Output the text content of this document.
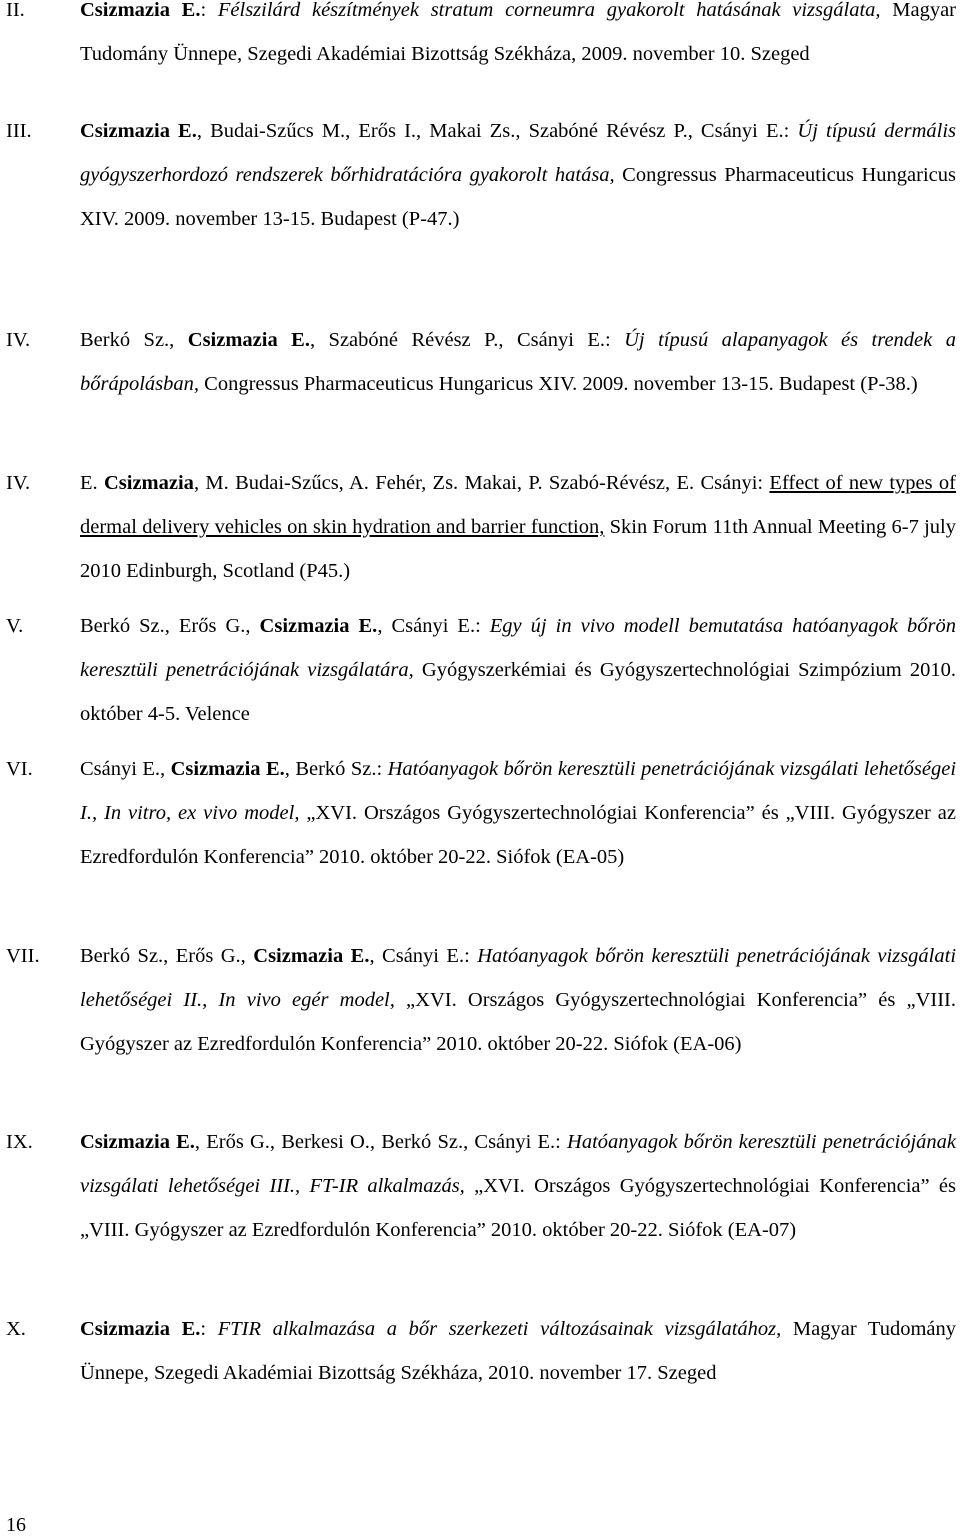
II.	Csizmazia E.: Félszilárd készítmények stratum corneumra gyakorolt hatásának vizsgálata, Magyar Tudomány Ünnepe, Szegedi Akadémiai Bizottság Székháza, 2009. november 10. Szeged
III. Csizmazia E., Budai-Szűcs M., Erős I., Makai Zs., Szabóné Révész P., Csányi E.: Új típusú dermális gyógyszerhordozó rendszerek bőrhidratációra gyakorolt hatása, Congressus Pharmaceuticus Hungaricus XIV. 2009. november 13-15. Budapest (P-47.)
IV. Berkó Sz., Csizmazia E., Szabóné Révész P., Csányi E.: Új típusú alapanyagok és trendek a bőrápolásban, Congressus Pharmaceuticus Hungaricus XIV. 2009. november 13-15. Budapest (P-38.)
IV. E. Csizmazia, M. Budai-Szűcs, A. Fehér, Zs. Makai, P. Szabó-Révész, E. Csányi: Effect of new types of dermal delivery vehicles on skin hydration and barrier function, Skin Forum 11th Annual Meeting 6-7 july 2010 Edinburgh, Scotland (P45.)
V.	Berkó Sz., Erős G., Csizmazia E., Csányi E.: Egy új in vivo modell bemutatása hatóanyagok bőrön keresztüli penetrációjának vizsgálatára, Gyógyszerkémiai és Gyógyszertechnológiai Szimpózium 2010. október 4-5. Velence
VI. Csányi E., Csizmazia E., Berkó Sz.: Hatóanyagok bőrön keresztüli penetrációjának vizsgálati lehetőségei I., In vitro, ex vivo model, „XVI. Országos Gyógyszertechnológiai Konferencia” és „VIII. Gyógyszer az Ezredfordulón Konferencia” 2010. október 20-22. Siófok (EA-05)
VII. Berkó Sz., Erős G., Csizmazia E., Csányi E.: Hatóanyagok bőrön keresztüli penetrációjának vizsgálati lehetőségei II., In vivo egér model, „XVI. Országos Gyógyszertechnológiai Konferencia” és „VIII. Gyógyszer az Ezredfordulón Konferencia” 2010. október 20-22. Siófok (EA-06)
IX. Csizmazia E., Erős G., Berkesi O., Berkó Sz., Csányi E.: Hatóanyagok bőrön keresztüli penetrációjának vizsgálati lehetőségei III., FT-IR alkalmazás, „XVI. Országos Gyógyszertechnológiai Konferencia” és „VIII. Gyógyszer az Ezredfordulón Konferencia” 2010. október 20-22. Siófok (EA-07)
X.	Csizmazia E.: FTIR alkalmazása a bőr szerkezeti változásainak vizsgálatához, Magyar Tudomány Ünnepe, Szegedi Akadémiai Bizottság Székháza, 2010. november 17. Szeged
16
